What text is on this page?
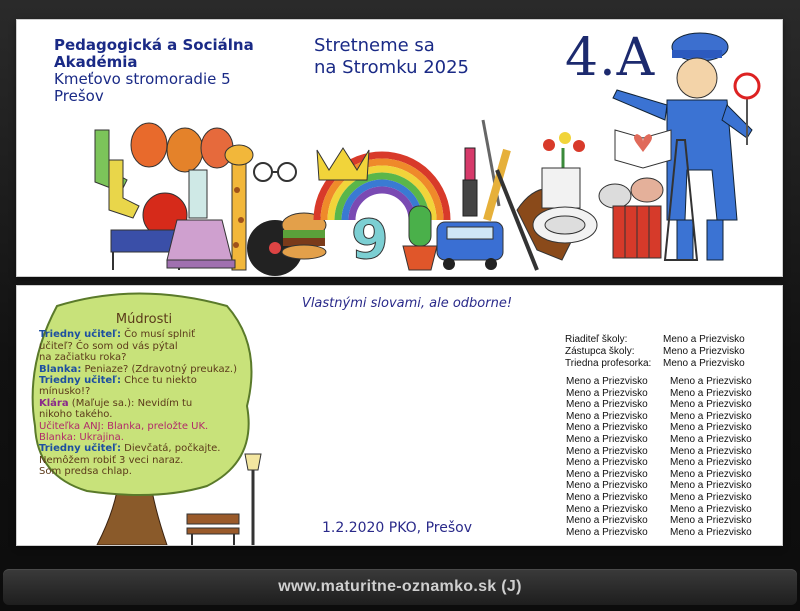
Pedagogická a Sociálna
Akadémia
Kmeťovo stromoradie 5
Prešov
Stretneme sa
na Stromku 2025 4.A
9
Múdrosti
Triedny učiteľ: Čo musí splniť
učiteľ? Čo som od vás pýtal
na začiatku roka?
Blanka: Peniaze? (Zdravotný preukaz.)
Triedny učiteľ: Chce tu niekto
mínusko!?
Klára (Maľuje sa.): Nevidím tu
nikoho takého.
Učiteľka ANJ: Blanka, preložte UK.
Blanka: Ukrajina.
Triedny učiteľ: Dievčatá, počkajte.
Nemôžem robiť 3 veci naraz.
Som predsa chlap.
Vlastnými slovami, ale odborne!
Riaditeľ školy:	Meno a Priezvisko
Zástupca školy:	Meno a Priezvisko
Triedna profesorka:	Meno a Priezvisko
Meno a Priezvisko	Meno a Priezvisko
Meno a Priezvisko	Meno a Priezvisko
Meno a Priezvisko	Meno a Priezvisko
Meno a Priezvisko	Meno a Priezvisko
Meno a Priezvisko	Meno a Priezvisko
Meno a Priezvisko	Meno a Priezvisko
Meno a Priezvisko	Meno a Priezvisko
Meno a Priezvisko	Meno a Priezvisko
Meno a Priezvisko	Meno a Priezvisko
Meno a Priezvisko	Meno a Priezvisko
Meno a Priezvisko	Meno a Priezvisko
Meno a Priezvisko	Meno a Priezvisko
Meno a Priezvisko	Meno a Priezvisko
Meno a Priezvisko	Meno a Priezvisko
1.2.2020 PKO, Prešov
www.maturitne-oznamko.sk (J)
